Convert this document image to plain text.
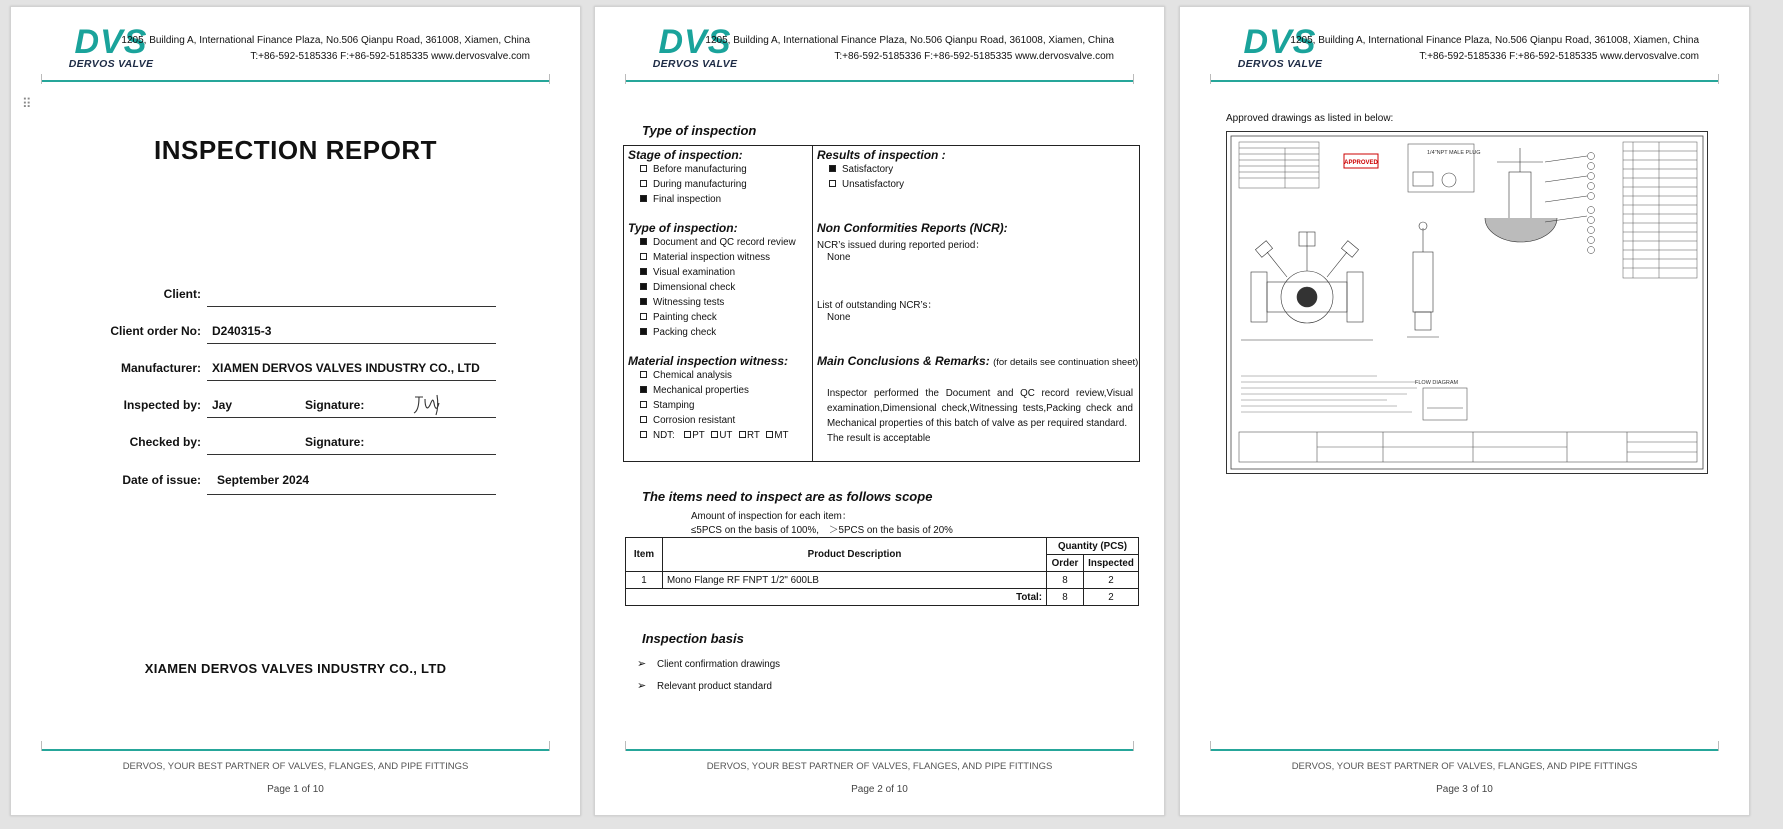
DVS
DERVOS VALVE
1205, Building A, International Finance Plaza, No.506 Qianpu Road, 361008, Xiamen, China
T:+86-592-5185336 F:+86-592-5185335 www.dervosvalve.com
⠿
INSPECTION REPORT
Client:
Client order No: D240315-3
Manufacturer: XIAMEN DERVOS VALVES INDUSTRY CO., LTD
Inspected by: Jay	Signature:
Checked by:	Signature:
Date of issue: September 2024
XIAMEN DERVOS VALVES INDUSTRY CO., LTD
DERVOS, YOUR BEST PARTNER OF VALVES, FLANGES, AND PIPE FITTINGS
Page 1 of 10
DVS
DERVOS VALVE
1205, Building A, International Finance Plaza, No.506 Qianpu Road, 361008, Xiamen, China
T:+86-592-5185336 F:+86-592-5185335 www.dervosvalve.com
Type of inspection
Stage of inspection:
Before manufacturing
During manufacturing
Final inspection
Type of inspection:
Document and QC record review
Material inspection witness
Visual examination
Dimensional check
Witnessing tests
Painting check
Packing check
Material inspection witness:
Chemical analysis
Mechanical properties
Stamping
Corrosion resistant
NDT: PT UT RT MT
Results of inspection :
Satisfactory
Unsatisfactory
Non Conformities Reports (NCR):
NCR’s issued during reported period：
None
List of outstanding NCR’s：
None
Main Conclusions & Remarks: (for details see continuation sheet)
Inspector performed the Document and QC record review,Visual examination,Dimensional check,Witnessing tests,Packing check and Mechanical properties of this batch of valve as per required standard.
The result is acceptable
The items need to inspect are as follows scope
Amount of inspection for each item：
≤5PCS on the basis of 100%,　＞5PCS on the basis of 20%
Item	Product Description	Quantity (PCS)	
		Order	Inspected
1	Mono Flange RF FNPT 1/2" 600LB	8	2
Total:		8	2
Inspection basis
➢ Client confirmation drawings
➢ Relevant product standard
DERVOS, YOUR BEST PARTNER OF VALVES, FLANGES, AND PIPE FITTINGS
Page 2 of 10
DVS
DERVOS VALVE
1205, Building A, International Finance Plaza, No.506 Qianpu Road, 361008, Xiamen, China
T:+86-592-5185336 F:+86-592-5185335 www.dervosvalve.com
Approved drawings as listed in below:
APPROVED
1/4"NPT MALE PLUG
FLOW DIAGRAM
DERVOS, YOUR BEST PARTNER OF VALVES, FLANGES, AND PIPE FITTINGS
Page 3 of 10
